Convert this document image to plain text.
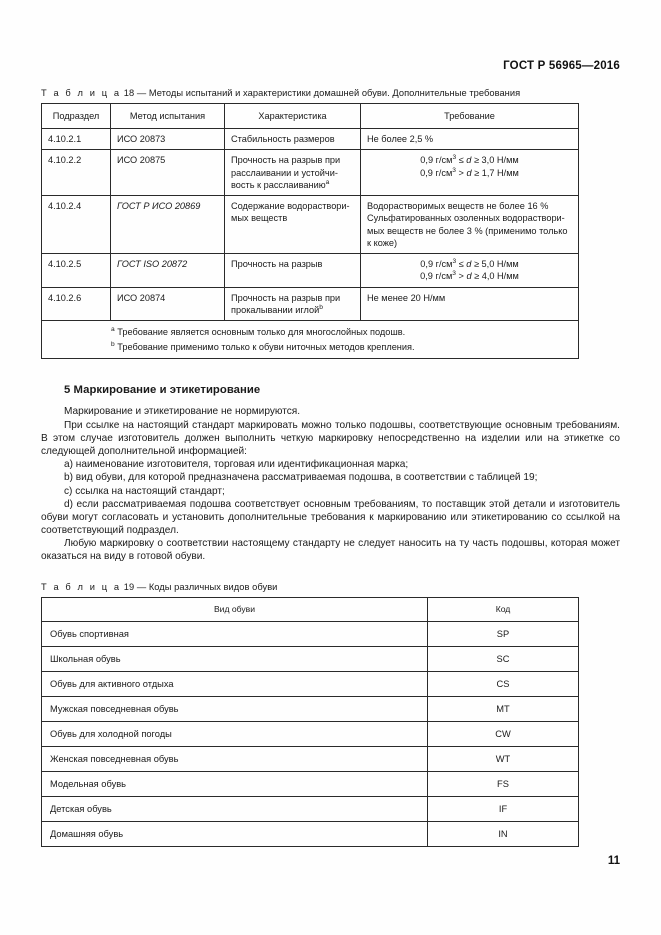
ГОСТ Р 56965—2016
Т а б л и ц а 18 — Методы испытаний и характеристики домашней обуви. Дополнительные требования
Подраздел	Метод испытания	Характеристика	Требование
4.10.2.1	ИСО 20873	Стабильность размеров	Не более 2,5 %

4.10.2.2	ИСО 20875	Прочность на разрыв при расслаивании и устойчи-вость к расслаиванию$^a$	0,9 $г/см^3 \le d \ge 3,0$ Н/мм
0,9 $г/см^3 > d \ge 1,7$ Н/мм

4.10.2.4	ГОСТ Р ИСО 20869	Содержание водораствори-мых веществ	Водорастворимых веществ не более 16 %
Сульфатированных озоленных водораствори-мых веществ не более 3 % (применимо только к коже)

4.10.2.5	ГОСТ ISO 20872	Прочность на разрыв	0,9 $г/см^3 \le d \ge 5,0$ Н/мм
0,9 $г/см^3 > d \ge 4,0$ Н/мм

4.10.2.6	ИСО 20874	Прочность на разрыв при прокалывании иглой$^b$	Не менее 20 Н/мм

$^a$ Требование является основным только для многослойных подошв.
$^b$ Требование применимо только к обуви ниточных методов крепления.			
5 Маркирование и этикетирование

Маркирование и этикетирование не нормируются.

При ссылке на настоящий стандарт маркировать можно только подошвы, соответствующие основным требованиям. В этом случае изготовитель должен выполнить четкую маркировку непосредственно на изделии или на этикетке со следующей дополнительной информацией:

a) наименование изготовителя, торговая или идентификационная марка;

b) вид обуви, для которой предназначена рассматриваемая подошва, в соответствии с таблицей 19;

c) ссылка на настоящий стандарт;

d) если рассматриваемая подошва соответствует основным требованиям, то поставщик этой детали и изготовитель обуви могут согласовать и установить дополнительные требования к маркированию или этикетированию со ссылкой на соответствующий подраздел.

Любую маркировку о соответствии настоящему стандарту не следует наносить на ту часть подошвы, которая может оказаться на виду в готовой обуви.

Т а б л и ц а 19 — Коды различных видов обуви
Вид обуви	Код
Обувь спортивная	SP
Школьная обувь	SC
Обувь для активного отдыха	CS
Мужская повседневная обувь	MT
Обувь для холодной погоды	CW
Женская повседневная обувь	WT
Модельная обувь	FS
Детская обувь	IF
Домашняя обувь	IN
11
